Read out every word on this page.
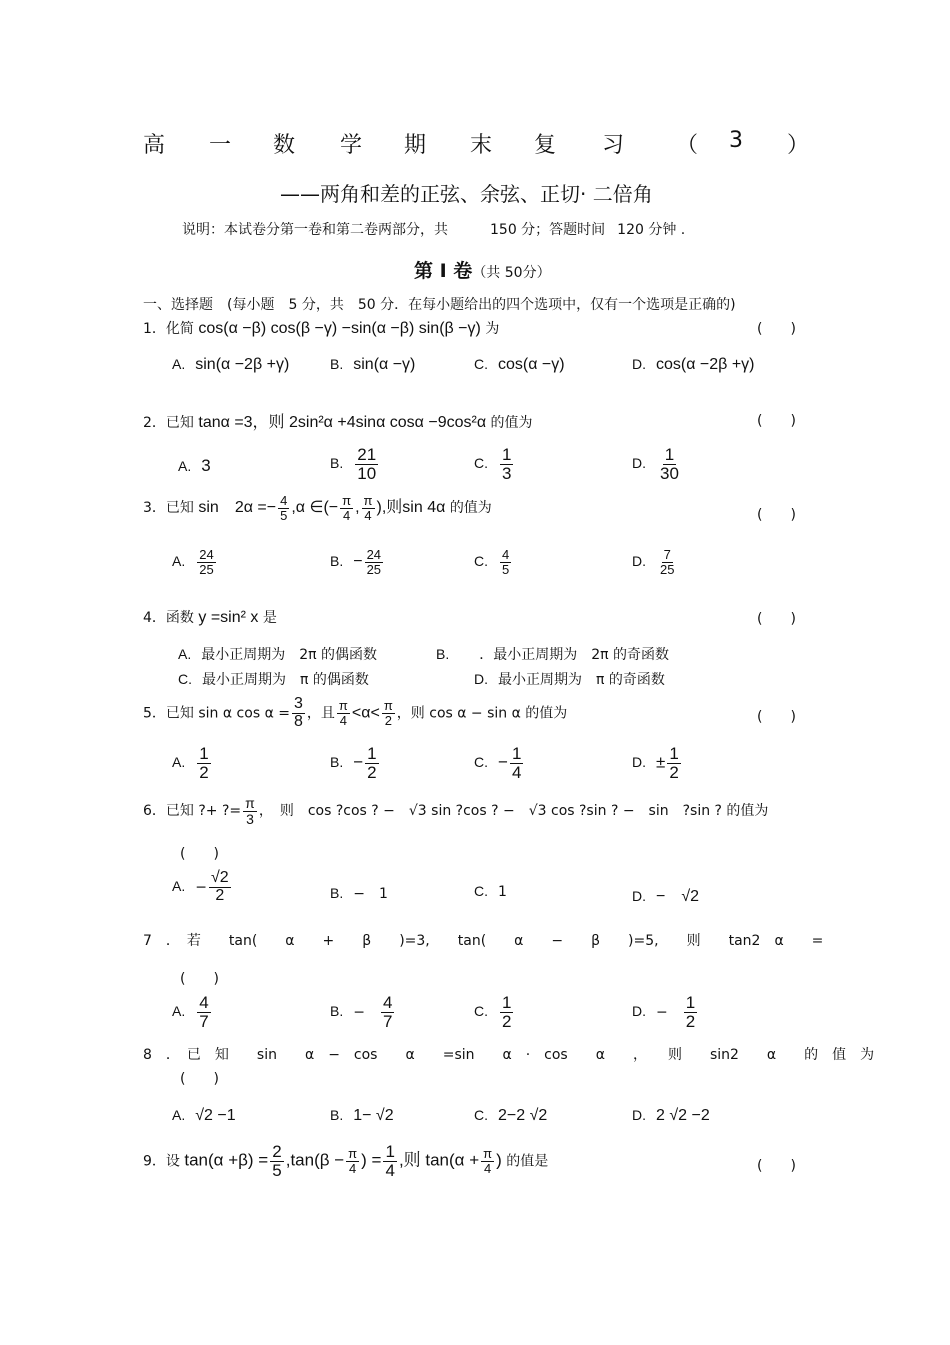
高 一 数 学 期 末 复 习 （ 3 ）
——两角和差的正弦、余弦、正切· 二倍角
说明：本试卷分第一卷和第二卷两部分，共	150 分；答题时间 120 分钟 .
第 I 卷（共 50分）
一、选择题　(每小题　5 分，共　50 分．在每小题给出的四个选项中，仅有一个选项是正确的)
1．化简 cos(α −β) cos(β −γ) −sin(α −β) sin(β −γ) 为	(　　)
A. sin(α −2β +γ)	B. sin(α −γ)	C. cos(α −γ)	D. cos(α −2β +γ)
2．已知 tanα =3，则 2sin²α +4sinα cosα −9cos²α 的值为	(　　)
A. 3	B. $\frac{21}{10}$	C. $\frac{1}{3}$	D. $\frac{1}{30}$
3．已知 sin　$2\alpha =- \frac{4}{5} ,\alpha$ ∈(− $\frac{\pi}{4}$ , $\frac{\pi}{4}$ ),则sin 4α 的值为	(　　)
A. $\frac{24}{25}$	B. − $\frac{24}{25}$	C. $\frac{4}{5}$	D. $\frac{7}{25}$
4．函数 y =sin² x 是	(　　)
A. 最小正周期为　2π 的偶函数	B. ．最小正周期为　2π 的奇函数
C. 最小正周期为　π 的偶函数	D. 最小正周期为　π 的奇函数
5．已知 sin α $\cos \alpha = \frac{3}{8}$ ，且 $\frac{\pi}{4} <\alpha< \frac{\pi}{2}$ ，则 cos α − sin α 的值为	(　　)
A. $\frac{1}{2}$	B. − $\frac{1}{2}$	C. − $\frac{1}{4}$	D. ± $\frac{1}{2}$
6．已知 ?+ ?= $\frac{\pi}{3}$ ，　则　cos ?cos ? −　√3 sin ?cos ? −　√3 cos ?sin ? −　sin　?sin ? 的值为
(　　)
A. − $\frac{√2}{2}$	B. −　1	C. 1	D. −　√2
7　．　若　　tan(　　α　　+　　β　　)=3,　　tan(　　α　　−　　β　　)=5,　　则　　tan2　α　　=
(　　)
A. $\frac{4}{7}$	B. −　 $\frac{4}{7}$	C. $\frac{1}{2}$	D. −　 $\frac{1}{2}$
8　．　已　知　　sin　　α　−　cos　　α　　=sin　　α　·　cos　　α　　，　　则　　sin2　　α　　的　值　为
(　　)
A. √2 −1	B. 1− √2	C. 2−2 √2	D. 2 √2 −2
9．设 $\tan(\alpha +\beta) = \frac{2}{5} ,\tan(\beta - \frac{\pi}{4}$ ) = $\frac{1}{4}$ ,则 $\tan(\alpha + \frac{\pi}{4}$ ) 的值是	(　　)
